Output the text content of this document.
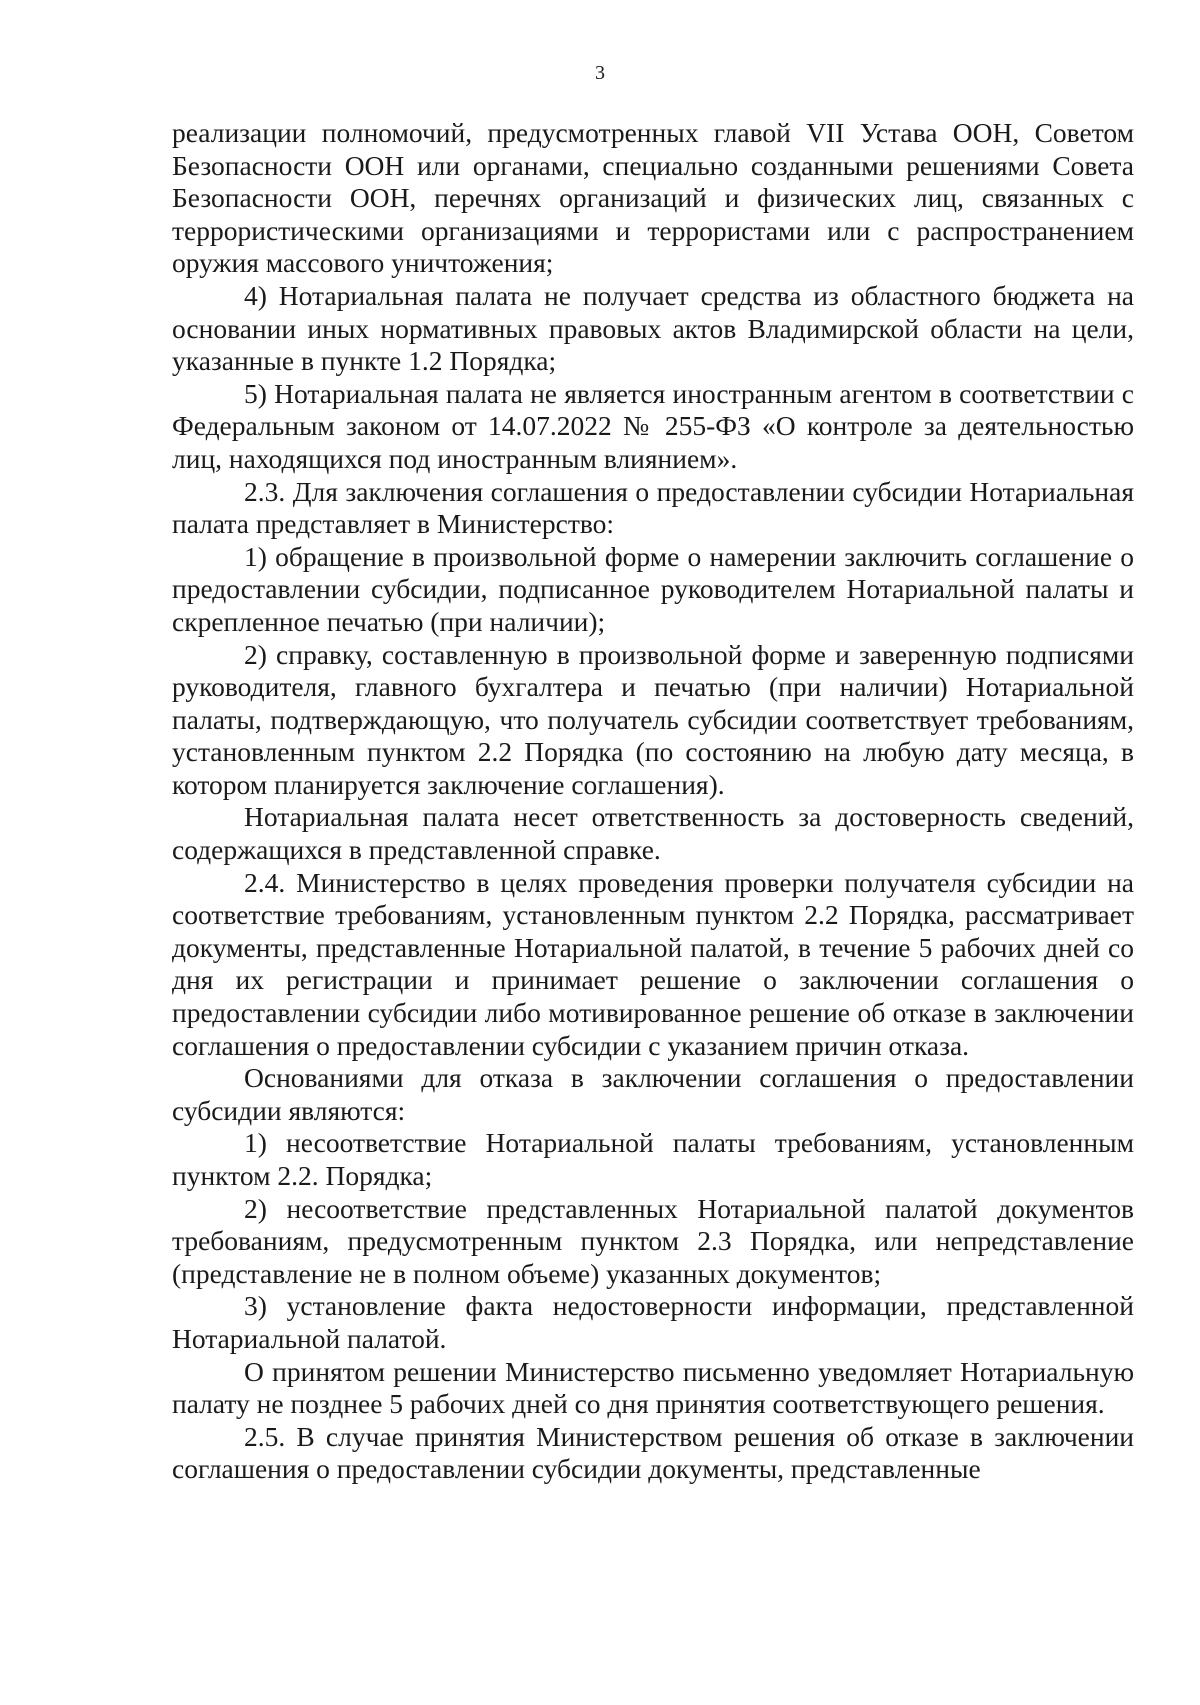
3

реализации полномочий, предусмотренных главой VII Устава ООН, Советом Безопасности ООН или органами, специально созданными решениями Совета Безопасности ООН, перечнях организаций и физических лиц, связанных с террористическими организациями и террористами или с распространением оружия массового уничтожения;

4) Нотариальная палата не получает средства из областного бюджета на основании иных нормативных правовых актов Владимирской области на цели, указанные в пункте 1.2 Порядка;

5) Нотариальная палата не является иностранным агентом в соответствии с Федеральным законом от 14.07.2022 № 255-ФЗ «О контроле за деятельностью лиц, находящихся под иностранным влиянием».

2.3. Для заключения соглашения о предоставлении субсидии Нотариальная палата представляет в Министерство:

1) обращение в произвольной форме о намерении заключить соглашение о предоставлении субсидии, подписанное руководителем Нотариальной палаты и скрепленное печатью (при наличии);

2) справку, составленную в произвольной форме и заверенную подписями руководителя, главного бухгалтера и печатью (при наличии) Нотариальной палаты, подтверждающую, что получатель субсидии соответствует требованиям, установленным пунктом 2.2 Порядка (по состоянию на любую дату месяца, в котором планируется заключение соглашения).

Нотариальная палата несет ответственность за достоверность сведений, содержащихся в представленной справке.

2.4. Министерство в целях проведения проверки получателя субсидии на соответствие требованиям, установленным пунктом 2.2 Порядка, рассматривает документы, представленные Нотариальной палатой, в течение 5 рабочих дней со дня их регистрации и принимает решение о заключении соглашения о предоставлении субсидии либо мотивированное решение об отказе в заключении соглашения о предоставлении субсидии с указанием причин отказа.

Основаниями для отказа в заключении соглашения о предоставлении субсидии являются:

1) несоответствие Нотариальной палаты требованиям, установленным пунктом 2.2. Порядка;

2) несоответствие представленных Нотариальной палатой документов требованиям, предусмотренным пунктом 2.3 Порядка, или непредставление (представление не в полном объеме) указанных документов;

3) установление факта недостоверности информации, представленной Нотариальной палатой.

О принятом решении Министерство письменно уведомляет Нотариальную палату не позднее 5 рабочих дней со дня принятия соответствующего решения.

2.5. В случае принятия Министерством решения об отказе в заключении соглашения о предоставлении субсидии документы, представленные
